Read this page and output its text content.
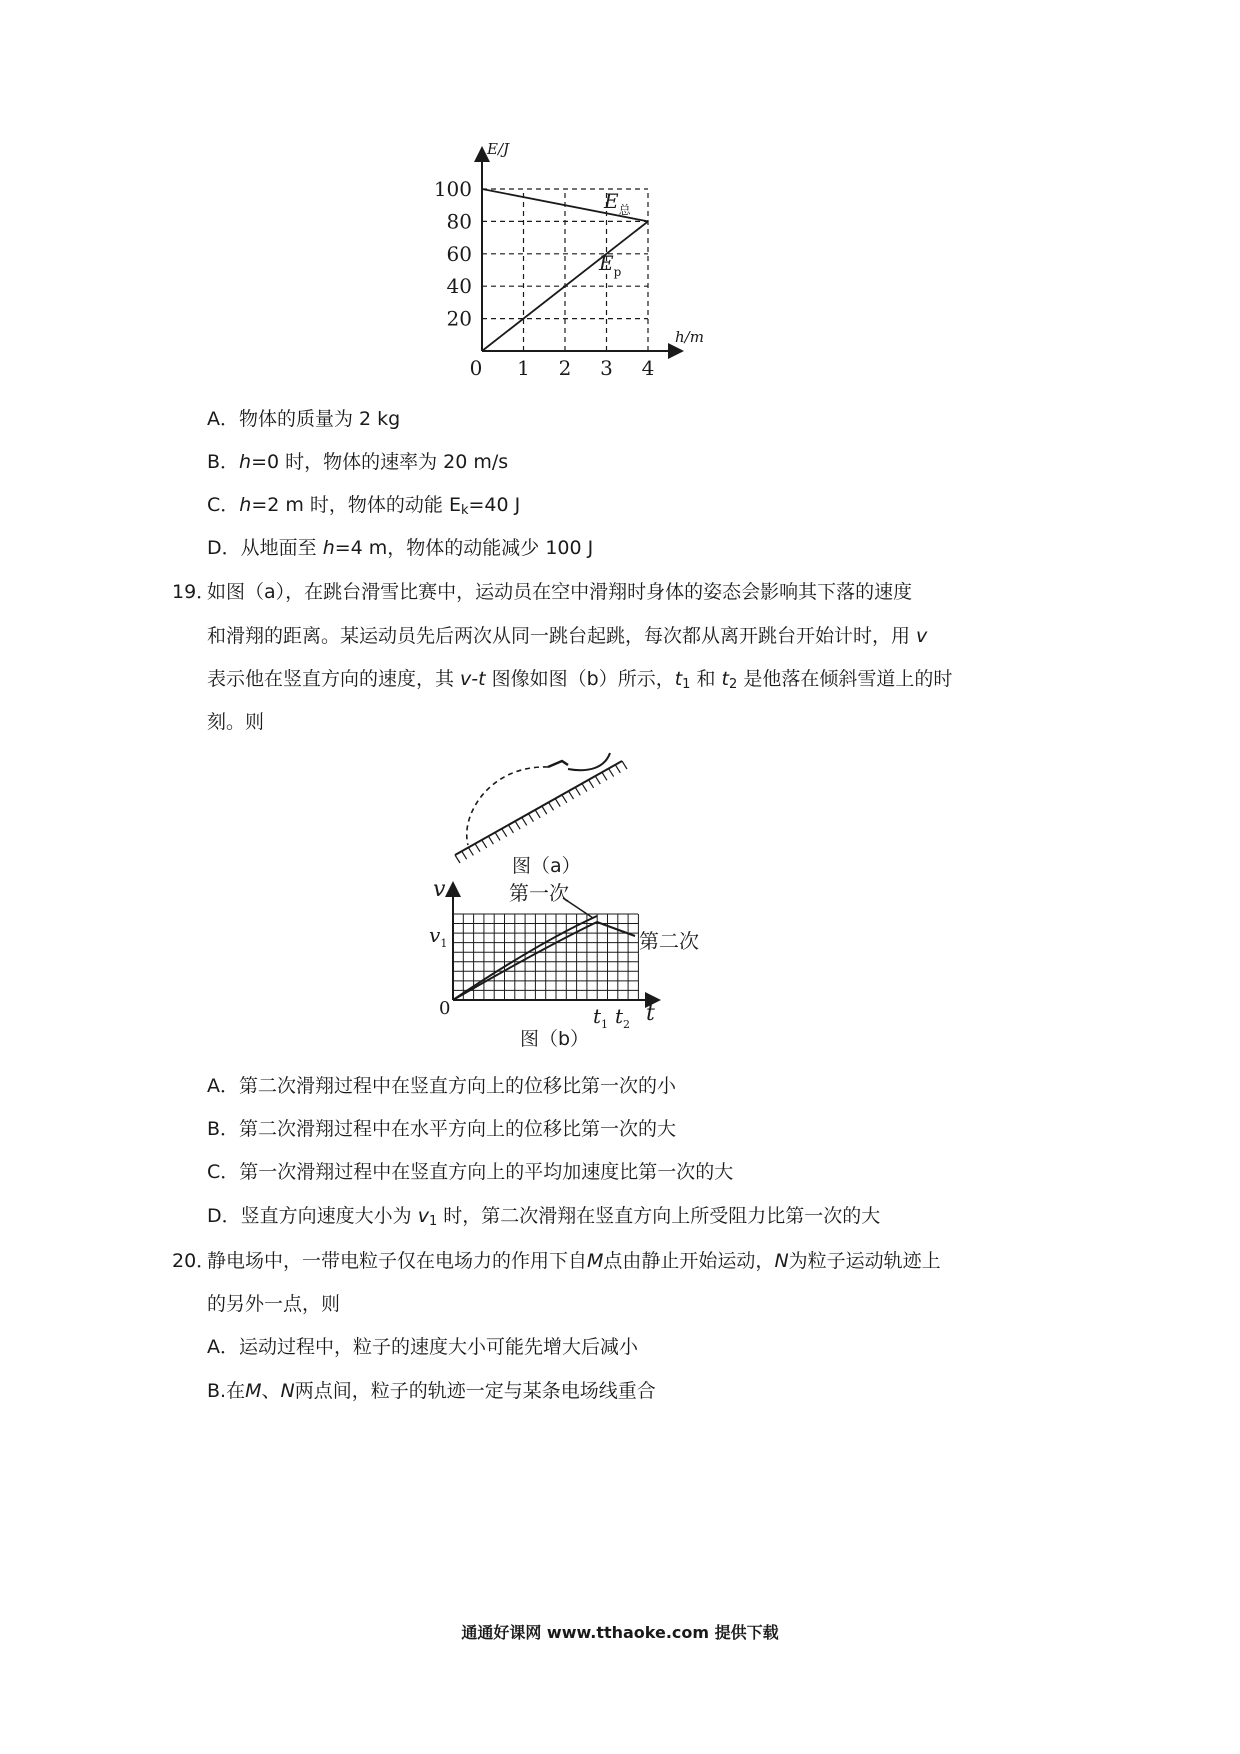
100
80
60
40
20
0 1 2 3 4
E/J
h/m
$E_总$
$E_p$
A．物体的质量为 2 kg
B．h=0 时，物体的速率为 20 m/s
C．h=2 m 时，物体的动能 $E_k=40$ J
D．从地面至 h=4 m，物体的动能减少 100 J
19．
如图（a），在跳台滑雪比赛中，运动员在空中滑翔时身体的姿态会影响其下落的速度
和滑翔的距离。某运动员先后两次从同一跳台起跳，每次都从离开跳台开始计时，用 v
表示他在竖直方向的速度，其 v-t 图像如图（b）所示，$t_1$ 和 $t_2$ 是他落在倾斜雪道上的时
刻。则
图（a）
v
0	t
$v_1$
$t_1$ $t_2$
第一次
第二次
图（b）
A．第二次滑翔过程中在竖直方向上的位移比第一次的小
B．第二次滑翔过程中在水平方向上的位移比第一次的大
C．第一次滑翔过程中在竖直方向上的平均加速度比第一次的大
D．竖直方向速度大小为 $v_1$ 时，第二次滑翔在竖直方向上所受阻力比第一次的大
20．
静电场中，一带电粒子仅在电场力的作用下自M点由静止开始运动，N为粒子运动轨迹上
的另外一点，则
A．运动过程中，粒子的速度大小可能先增大后减小
B.在M、N两点间，粒子的轨迹一定与某条电场线重合
通通好课网 www.tthaoke.com 提供下载
